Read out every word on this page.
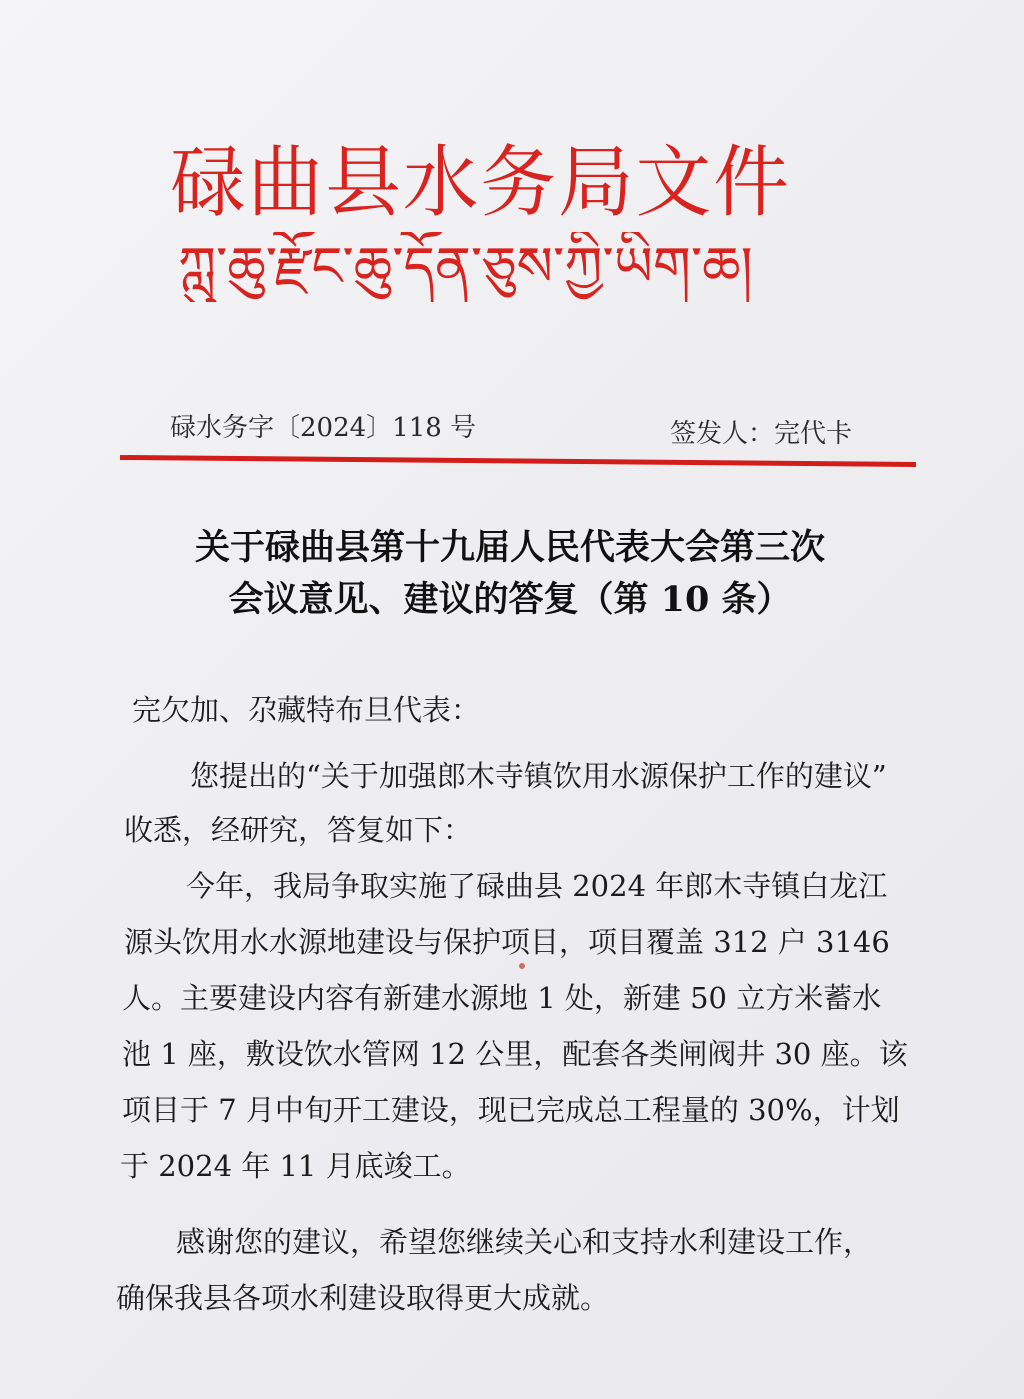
碌曲县水务局文件
ཀླུ་ཆུ་རྫོང་ཆུ་དོན་ཅུས་ཀྱི་ཡིག་ཆ།
碌水务字〔2024〕118 号	签发人：完代卡
关于碌曲县第十九届人民代表大会第三次
会议意见、建议的答复（第 10 条）
完欠加、尕藏特布旦代表：
您提出的“关于加强郎木寺镇饮用水源保护工作的建议”
收悉，经研究，答复如下：
今年，我局争取实施了碌曲县 2024 年郎木寺镇白龙江
源头饮用水水源地建设与保护项目，项目覆盖 312 户 3146
人。主要建设内容有新建水源地 1 处，新建 50 立方米蓄水
池 1 座，敷设饮水管网 12 公里，配套各类闸阀井 30 座。该
项目于 7 月中旬开工建设，现已完成总工程量的 30%，计划
于 2024 年 11 月底竣工。
感谢您的建议，希望您继续关心和支持水利建设工作，
确保我县各项水利建设取得更大成就。
